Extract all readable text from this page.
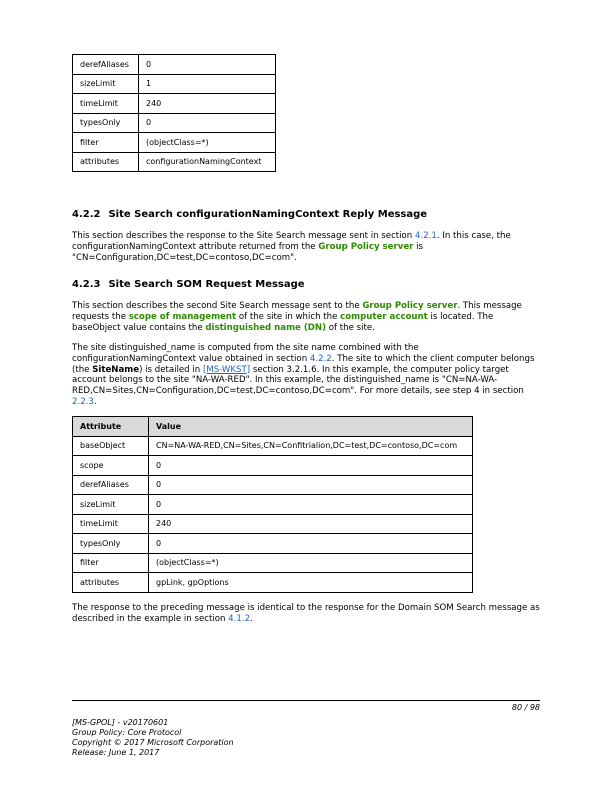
derefAliases	0
sizeLimit	1
timeLimit	240
typesOnly	0
filter	(objectClass=*)
attributes	configurationNamingContext
4.2.2 Site Search configurationNamingContext Reply Message

This section describes the response to the Site Search message sent in section 4.2.1. In this case, the configurationNamingContext attribute returned from the Group Policy server is "CN=Configuration,DC=test,DC=contoso,DC=com".

4.2.3 Site Search SOM Request Message

This section describes the second Site Search message sent to the Group Policy server. This message requests the scope of management of the site in which the computer account is located. The baseObject value contains the distinguished name (DN) of the site.

The site distinguished_name is computed from the site name combined with the configurationNamingContext value obtained in section 4.2.2. The site to which the client computer belongs (the SiteName) is detailed in [MS-WKST] section 3.2.1.6. In this example, the computer policy target account belongs to the site "NA-WA-RED". In this example, the distinguished_name is "CN=NA-WA-RED,CN=Sites,CN=Configuration,DC=test,DC=contoso,DC=com". For more details, see step 4 in section 2.2.3.

Attribute	Value
baseObject	CN=NA-WA-RED,CN=Sites,CN=Confitrialion,DC=test,DC=contoso,DC=com
scope	0
derefAliases	0
sizeLimit	0
timeLimit	240
typesOnly	0
filter	(objectClass=*)
attributes	gpLink, gpOptions

The response to the preceding message is identical to the response for the Domain SOM Search message as described in the example in section 4.1.2.

80 / 98
[MS-GPOL] - v20170601
Group Policy: Core Protocol
Copyright © 2017 Microsoft Corporation
Release: June 1, 2017
